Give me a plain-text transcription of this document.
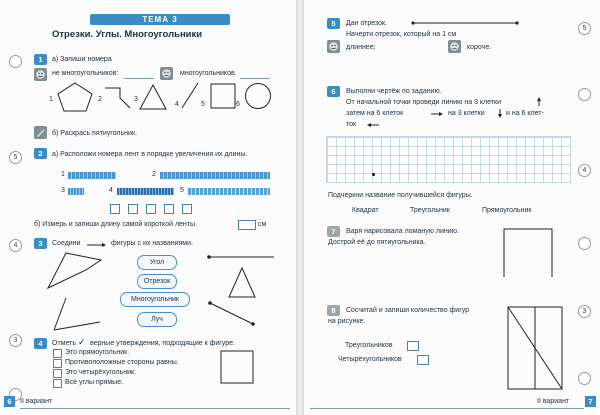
5
4
3
5
4
3
ТЕМА 3
Отрезки. Углы. Многоугольники
1	а) Запиши номера
не многоугольников:	многоугольников.
1	2	3
4	5	6
б) Раскрась пятиугольник.
2	а) Расположи номера лент в порядке увеличения их длины.
1	2
3	4	5
б) Измерь и запиши длину самой короткой ленты.	см
3	Соедини	фигуры с их названиями.
Угол
Отрезок
Многоугольник
Луч
4	Отметь ✓ верные утверждения, подходящие к фигуре.
Это прямоугольник.
Противоположные стороны равны.
Это четырёхугольник.
Все углы прямые.
6	II вариант
5	Дан отрезок.
Начерти отрезок, который на 1 см
длиннее;	короче.
6	Выполни чертёж по заданию.
От начальной точки проведи линию на 3 клетки
затем на 6 клеток	на 3 клетки	и на 6 клет-
ток
Подчеркни название получившейся фигуры.
Квадрат	Треугольник	Прямоугольник
7	Варя нарисовала ломаную линию.
Дострой её до пятиугольника.
8	Сосчитай и запиши количество фигур
на рисунке.
Треугольников
Четырёхугольников
II вариант	7
